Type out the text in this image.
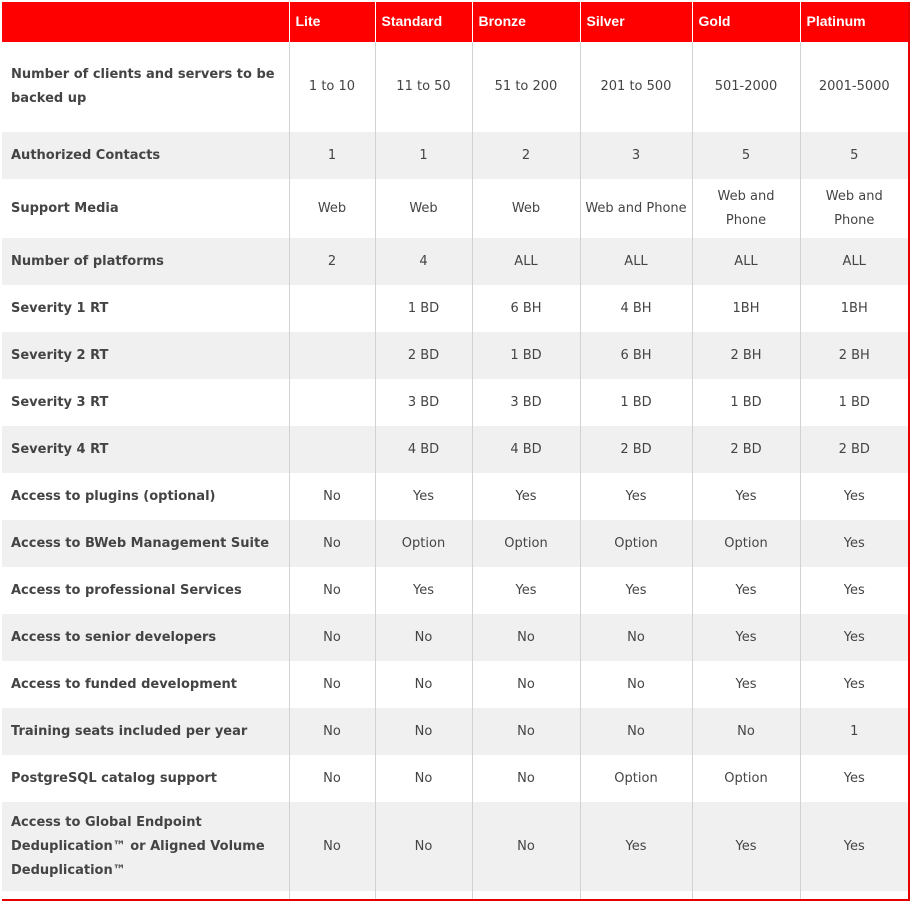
	Lite	Standard	Bronze	Silver	Gold	Platinum
Number of clients and servers to be backed up	1 to 10	11 to 50	51 to 200	201 to 500	501-2000	2001-5000
Authorized Contacts	1	1	2	3	5	5
Support Media	Web	Web	Web	Web and Phone	Web and Phone	Web and Phone
Number of platforms	2	4	ALL	ALL	ALL	ALL
Severity 1 RT		1 BD	6 BH	4 BH	1BH	1BH
Severity 2 RT		2 BD	1 BD	6 BH	2 BH	2 BH
Severity 3 RT		3 BD	3 BD	1 BD	1 BD	1 BD
Severity 4 RT		4 BD	4 BD	2 BD	2 BD	2 BD
Access to plugins (optional)	No	Yes	Yes	Yes	Yes	Yes
Access to BWeb Management Suite	No	Option	Option	Option	Option	Yes
Access to professional Services	No	Yes	Yes	Yes	Yes	Yes
Access to senior developers	No	No	No	No	Yes	Yes
Access to funded development	No	No	No	No	Yes	Yes
Training seats included per year	No	No	No	No	No	1
PostgreSQL catalog support	No	No	No	Option	Option	Yes
Access to Global Endpoint Deduplication™ or Aligned Volume Deduplication™	No	No	No	Yes	Yes	Yes
